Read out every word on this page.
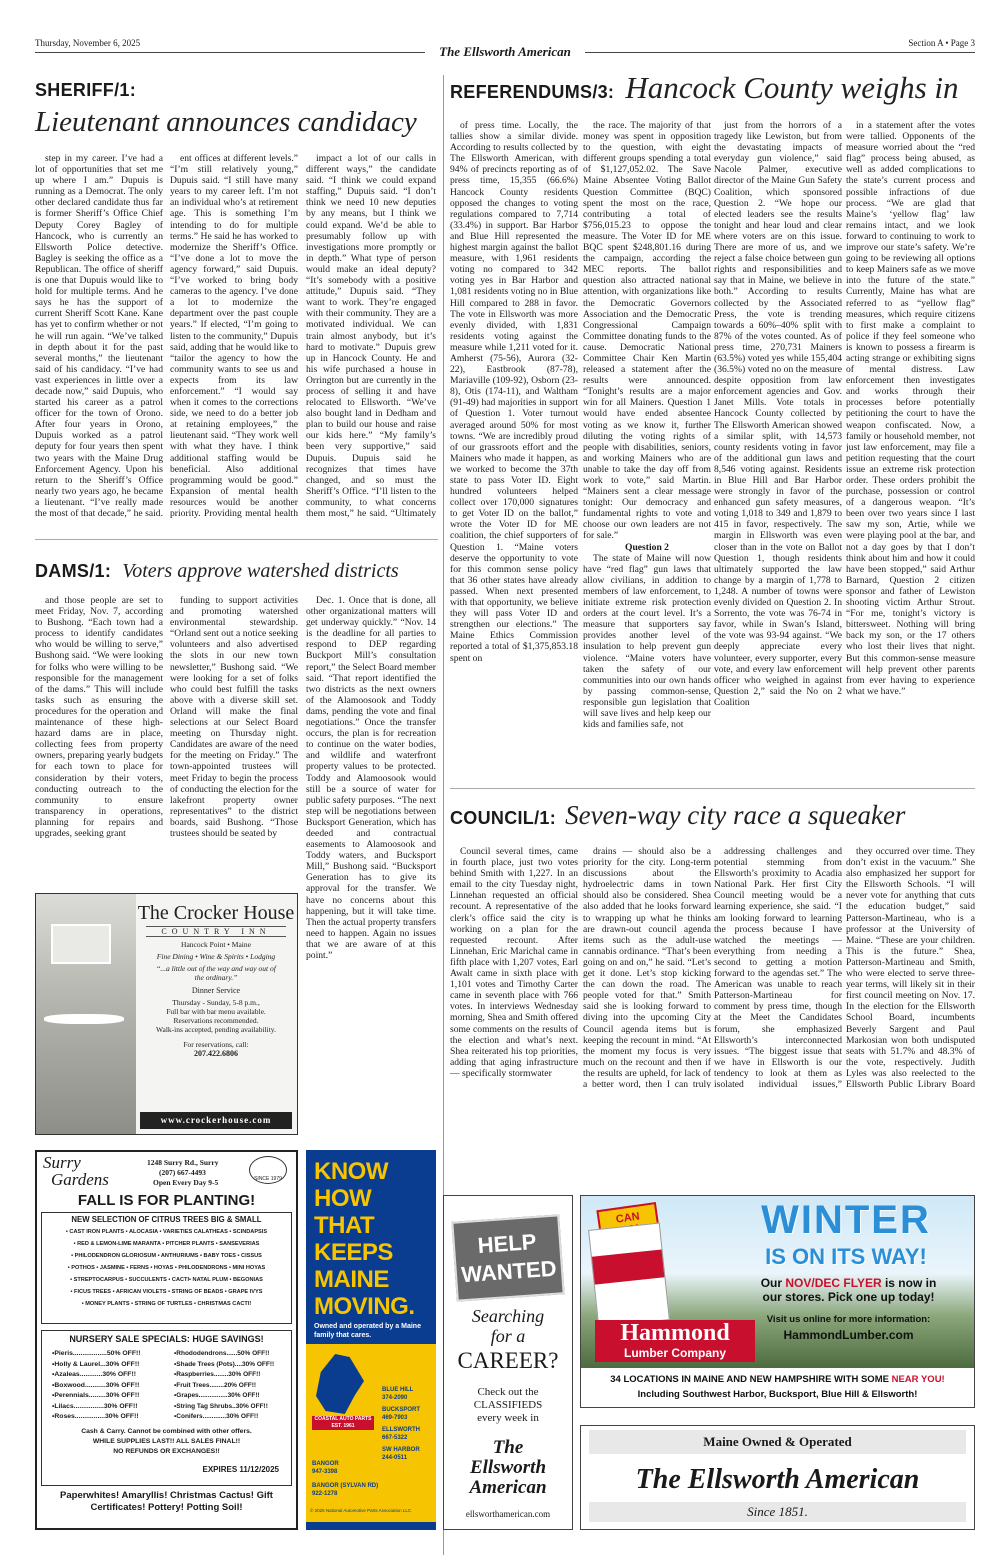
Thursday, November 6, 2025
The Ellsworth American
Section A • Page 3
SHERIFF/1:
Lieutenant announces candidacy

step in my career. I’ve had a lot of opportunities that set me up where I am.” Dupuis is running as a Democrat. The only other declared candidate thus far is former Sheriff’s Office Chief Deputy Corey Bagley of Hancock, who is currently an Ellsworth Police detective. Bagley is seeking the office as a Republican. The office of sheriff is one that Dupuis would like to hold for multiple terms. And he says he has the support of current Sheriff Scott Kane. Kane has yet to confirm whether or not he will run again. “We’ve talked in depth about it for the past several months,” the lieutenant said of his candidacy. “I’ve had vast experiences in little over a decade now,” said Dupuis, who started his career as a patrol officer for the town of Orono. After four years in Orono, Dupuis worked as a patrol deputy for four years then spent two years with the Maine Drug Enforcement Agency. Upon his return to the Sheriff’s Office nearly two years ago, he became a lieutenant. “I’ve really made the most of that decade,” he said.

ent offices at different levels.” “I’m still relatively young,” Dupuis said. “I still have many years to my career left. I’m not an individual who’s at retirement age. This is something I’m intending to do for multiple terms.” He said he has worked to modernize the Sheriff’s Office. “I’ve done a lot to move the agency forward,” said Dupuis. “I’ve worked to bring body cameras to the agency. I’ve done a lot to modernize the department over the past couple years.” If elected, “I’m going to listen to the community,” Dupuis said, adding that he would like to “tailor the agency to how the community wants to see us and expects from its law enforcement.” “I would say when it comes to the corrections side, we need to do a better job at retaining employees,” the lieutenant said. “They work well with what they have. I think additional staffing would be beneficial. Also additional programming would be good.” Expansion of mental health resources would be another priority. Providing mental health

impact a lot of our calls in different ways,” the candidate said. “I think we could expand staffing,” Dupuis said. “I don’t think we need 10 new deputies by any means, but I think we could expand. We’d be able to presumably follow up with investigations more promptly or in depth.” What type of person would make an ideal deputy? “It’s somebody with a positive attitude,” Dupuis said. “They want to work. They’re engaged with their community. They are a motivated individual. We can train almost anybody, but it’s hard to motivate.” Dupuis grew up in Hancock County. He and his wife purchased a house in Orrington but are currently in the process of selling it and have relocated to Ellsworth. “We’ve also bought land in Dedham and plan to build our house and raise our kids here.” “My family’s been very supportive,” said Dupuis. Dupuis said he recognizes that times have changed, and so must the Sheriff’s Office. “I’ll listen to the community, to what concerns them most,” he said. “Ultimately

DAMS/1: Voters approve watershed districts

and those people are set to meet Friday, Nov. 7, according to Bushong. “Each town had a process to identify candidates who would be willing to serve,” Bushong said. “We were looking for folks who were willing to be responsible for the management of the dams.” This will include tasks such as ensuring the procedures for the operation and maintenance of these high-hazard dams are in place, collecting fees from property owners, preparing yearly budgets for each town to place for consideration by their voters, conducting outreach to the community to ensure transparency in operations, planning for repairs and upgrades, seeking grant

funding to support activities and promoting watershed environmental stewardship. “Orland sent out a notice seeking volunteers and also advertised the slots in our new town newsletter,” Bushong said. “We were looking for a set of folks who could best fulfill the tasks above with a diverse skill set. Orland will make the final selections at our Select Board meeting on Thursday night. Candidates are aware of the need for the meeting on Friday.” The town-appointed trustees will meet Friday to begin the process of conducting the election for the lakefront property owner representatives” to the district boards, said Bushong. “Those trustees should be seated by

Dec. 1. Once that is done, all other organizational matters will get underway quickly.” “Nov. 14 is the deadline for all parties to respond to DEP regarding Buckport Mill’s consultation report,” the Select Board member said. “That report identified the two districts as the next owners of the Alamoosook and Toddy dams, pending the vote and final negotiations.” Once the transfer occurs, the plan is for recreation to continue on the water bodies, and wildlife and waterfront property values to be protected. Toddy and Alamoosook would still be a source of water for public safety purposes. “The next step will be negotiations between Bucksport Generation, which has deeded and contractual easements to Alamoosook and Toddy waters, and Bucksport Mill,” Bushong said. “Bucksport Generation has to give its approval for the transfer. We have no concerns about this happening, but it will take time. Then the actual property transfers need to happen. Again no issues that we are aware of at this point.”

REFERENDUMS/3: Hancock County weighs in

of press time. Locally, the tallies show a similar divide. According to results collected by The Ellsworth American, with 94% of precincts reporting as of press time, 15,355 (66.6%) Hancock County residents opposed the changes to voting regulations compared to 7,714 (33.4%) in support. Bar Harbor and Blue Hill represented the highest margin against the ballot measure, with 1,961 residents voting no compared to 342 voting yes in Bar Harbor and 1,081 residents voting no in Blue Hill compared to 288 in favor. The vote in Ellsworth was more evenly divided, with 1,831 residents voting against the measure while 1,211 voted for it. Amherst (75-56), Aurora (32-22), Eastbrook (87-78), Mariaville (109-92), Osborn (23-8), Otis (174-11), and Waltham (91-49) had majorities in support of Question 1. Voter turnout averaged around 50% for most towns. “We are incredibly proud of our grassroots effort and the Mainers who made it happen, as we worked to become the 37th state to pass Voter ID. Eight hundred volunteers helped collect over 170,000 signatures to get Voter ID on the ballot,” wrote the Voter ID for ME coalition, the chief supporters of Question 1. “Maine voters deserve the opportunity to vote for this common sense policy that 36 other states have already passed. When next presented with that opportunity, we believe they will pass Voter ID and strengthen our elections.” The Maine Ethics Commission reported a total of $1,375,853.18 spent on

the race. The majority of that money was spent in opposition to the question, with eight different groups spending a total of $1,127,052.02. The Save Maine Absentee Voting Ballot Question Committee (BQC) spent the most on the race, contributing a total of $756,015.23 to oppose the measure. The Voter ID for ME BQC spent $248,801.16 during the campaign, according the MEC reports. The ballot question also attracted national attention, with organizations like the Democratic Governors Association and the Democratic Congressional Campaign Committee donating funds to the cause. Democratic National Committee Chair Ken Martin released a statement after the results were announced. “Tonight’s results are a major win for all Mainers. Question 1 would have ended absentee voting as we know it, further diluting the voting rights of people with disabilities, seniors, and working Mainers who are unable to take the day off from work to vote,” said Martin. “Mainers sent a clear message tonight: Our democracy and fundamental rights to vote and choose our own leaders are not for sale.”

Question 2

The state of Maine will now have “red flag” gun laws that allow civilians, in addition to members of law enforcement, to initiate extreme risk protection orders at the court level. It’s a measure that supporters say provides another level of insulation to help prevent gun violence. “Maine voters have taken the safety of our communities into our own hands by passing common-sense, responsible gun legislation that will save lives and help keep our kids and families safe, not

just from the horrors of a tragedy like Lewiston, but from the devastating impacts of everyday gun violence,” said Nacole Palmer, executive director of the Maine Gun Safety Coalition, which sponsored Question 2. “We hope our elected leaders see the results tonight and hear loud and clear where voters are on this issue. There are more of us, and we reject a false choice between gun rights and responsibilities and say that in Maine, we believe in both.” According to results collected by the Associated Press, the vote is trending towards a 60%–40% split with 87% of the votes counted. As of press time, 270,731 Mainers (63.5%) voted yes while 155,404 (36.5%) voted no on the measure despite opposition from law enforcement agencies and Gov. Janet Mills. Vote totals in Hancock County collected by The Ellsworth American showed a similar split, with 14,573 county residents voting in favor of the additional gun laws and 8,546 voting against. Residents in Blue Hill and Bar Harbor were strongly in favor of the enhanced gun safety measures, voting 1,018 to 349 and 1,879 to 415 in favor, respectively. The margin in Ellsworth was even closer than in the vote on Ballot Question 1, though residents ultimately supported the law change by a margin of 1,778 to 1,248. A number of towns were evenly divided on Question 2. In Sorrento, the vote was 76-74 in favor, while in Swan’s Island, the vote was 93-94 against. “We deeply appreciate every volunteer, every supporter, every vote, and every law enforcement officer who weighed in against Question 2,” said the No on 2 Coalition

in a statement after the votes were tallied. Opponents of the measure worried about the “red flag” process being abused, as well as added complications to the state’s current process and possible infractions of due process. “We are glad that Maine’s ‘yellow flag’ law remains intact, and we look forward to continuing to work to improve our state’s safety. We’re going to be reviewing all options to keep Mainers safe as we move into the future of the state.” Currently, Maine has what are referred to as “yellow flag” measures, which require citizens to first make a complaint to police if they feel someone who is known to possess a firearm is acting strange or exhibiting signs of mental distress. Law enforcement then investigates and works through their processes before potentially petitioning the court to have the weapon confiscated. Now, a family or household member, not just law enforcement, may file a petition requesting that the court issue an extreme risk protection order. These orders prohibit the purchase, possession or control of a dangerous weapon. “It’s been over two years since I last saw my son, Artie, while we were playing pool at the bar, and not a day goes by that I don’t think about him and how it could have been stopped,” said Arthur Barnard, Question 2 citizen sponsor and father of Lewiston shooting victim Arthur Strout. “For me, tonight’s victory is bittersweet. Nothing will bring back my son, or the 17 others who lost their lives that night. But this common-sense measure will help prevent other parents from ever having to experience what we have.”

COUNCIL/1: Seven-way city race a squeaker

Council several times, came in fourth place, just two votes behind Smith with 1,227. In an email to the city Tuesday night, Linnehan requested an official recount. A representative of the clerk’s office said the city is working on a plan for the requested recount. After Linnehan, Eric Marichal came in fifth place with 1,207 votes, Earl Awalt came in sixth place with 1,101 votes and Timothy Carter came in seventh place with 766 votes. In interviews Wednesday morning, Shea and Smith offered some comments on the results of the election and what’s next. Shea reiterated his top priorities, adding that aging infrastructure — specifically stormwater

drains — should also be a priority for the city. Long-term discussions about the hydroelectric dams in town should also be considered. Shea also added that he looks forward to wrapping up what he thinks are drawn-out council agenda items such as the adult-use cannabis ordinance. “That’s been going on and on,” he said. “Let’s get it done. Let’s stop kicking the can down the road. The people voted for that.” Smith said she is looking forward to diving into the upcoming City Council agenda items but is keeping the recount in mind. “At the moment my focus is very much on the recount and then if the results are upheld, for lack of a better word, then I can truly

addressing challenges and potential stemming from Ellsworth’s proximity to Acadia National Park. Her first City Council meeting would be a learning experience, she said. “I am looking forward to learning the process because I have watched the meetings — everything from needing a second to getting a motion forward to the agendas set.” The American was unable to reach Patterson-Martineau for comment by press time, though at the Meet the Candidates forum, she emphasized Ellsworth’s interconnected issues. “The biggest issue that we have in Ellsworth is our tendency to look at them as isolated individual issues,”

they occurred over time. They don’t exist in the vacuum.” She also emphasized her support for the Ellsworth Schools. “I will never vote for anything that cuts the education budget,” said Patterson-Martineau, who is a professor at the University of Maine. “These are your children. This is the future.” Shea, Patterson-Martineau and Smith, who were elected to serve three-year terms, will likely sit in their first council meeting on Nov. 17. In the election for the Ellsworth School Board, incumbents Beverly Sargent and Paul Markosian won both undisputed seats with 51.7% and 48.3% of the vote, respectively. Judith Lyles was also reelected to the Ellsworth Public Library Board

The Crocker House
COUNTRY INN
Hancock Point • Maine
Fine Dining • Wine & Spirits • Lodging
“...a little out of the way and way out of the ordinary.”
Dinner Service
Thursday - Sunday, 5-8 p.m.,
Full bar with bar menu available.
Reservations recommended.
Walk-ins accepted, pending availability.
For reservations, call:
207.422.6806
www.crockerhouse.com
Surry
Gardens
1248 Surry Rd., Surry
(207) 667-4493
Open Every Day 9-5	SINCE 1979
FALL IS FOR PLANTING!
NEW SELECTION OF CITRUS TREES BIG & SMALL
• CAST IRON PLANTS • ALOCASIA • VARIETIES CALATHEAS • SCINDAPSIS
• RED & LEMON-LIME MARANTA • PITCHER PLANTS • SANSEVERIAS
• PHILODENDRON GLORIOSUM • ANTHURIUMS • BABY TOES • CISSUS
• POTHOS • JASMINE • FERNS • HOYAS • PHILODENDRONS • MINI HOYAS
• STREPTOCARPUS • SUCCULENTS • CACTI• NATAL PLUM • BEGONIAS
• FICUS TREES • AFRICAN VIOLETS • STRING OF BEADS • GRAPE IVYS
• MONEY PLANTS • STRING OF TURTLES • CHRISTMAS CACTI!
NURSERY SALE SPECIALS: HUGE SAVINGS!
•Pieris..................50% OFF!!
•Holly & Laurel...30% OFF!!
•Azaleas............30% OFF!!
•Boxwood...........30% OFF!!
•Perennials.........30% OFF!!
•Lilacs................30% OFF!!
•Roses................30% OFF!!
•Rhododendrons......50% OFF!!
•Shade Trees (Pots)....30% OFF!!
•Raspberries........30% OFF!!
•Fruit Trees........20% OFF!!
•Grapes................30% OFF!!
•String Tag Shrubs..30% OFF!!
•Conifers.............30% OFF!!
Cash & Carry. Cannot be combined with other offers.
WHILE SUPPLIES LAST!! ALL SALES FINAL!!
NO REFUNDS OR EXCHANGES!!
EXPIRES 11/12/2025
Paperwhites! Amaryllis! Christmas Cactus! Gift Certificates! Pottery! Potting Soil!
KNOW
HOW
THAT
KEEPS
MAINE
MOVING.
Owned and operated by a Maine family that cares.
COASTAL AUTO PARTS
EST. 1961
BLUE HILL
374-2090
BUCKSPORT
469-7903
ELLSWORTH
667-5322
SW HARBOR
244-0511
BANGOR
947-3398
BANGOR (SYLVAN RD)
922-1278
© 2025 National Automotive Parts Association LLC
HELP
WANTED
Searching
for a
CAREER?
Check out the
CLASSIFIEDS
every week in
The
Ellsworth
American
ellsworthamerican.com
CAN	WINTER
IS ON ITS WAY!
Our NOV/DEC FLYER is now in
our stores. Pick one up today!
Visit us online for more information:
HammondLumber.com
Hammond
Lumber Company
34 LOCATIONS IN MAINE AND NEW HAMPSHIRE WITH SOME NEAR YOU!
Including Southwest Harbor, Bucksport, Blue Hill & Ellsworth!
Maine Owned & Operated
The Ellsworth American
Since 1851.
